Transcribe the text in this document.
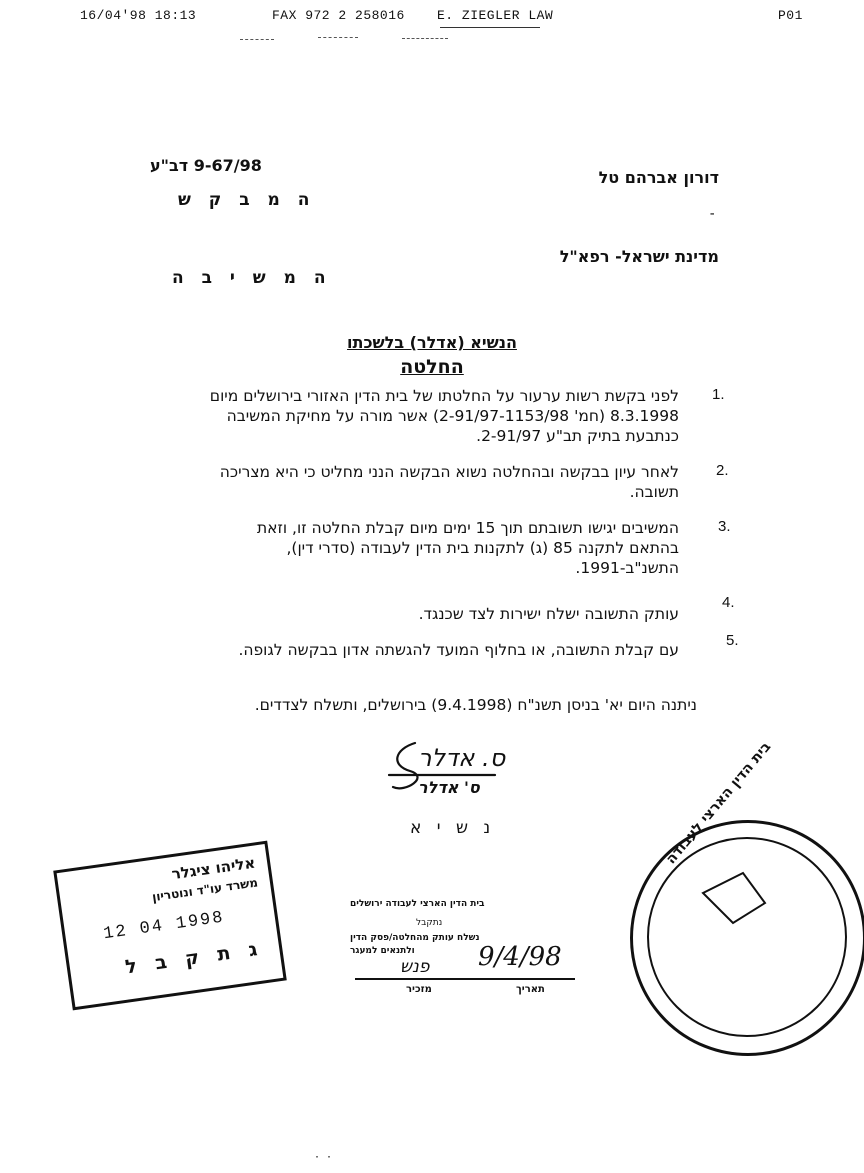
16/04'98 18:13	FAX 972 2 258016 E. ZIEGLER LAW	P01
9-67/98 דב"ע
דורון אברהם טל
ה מ ב ק ש
-
מדינת ישראל- רפא"ל
ה מ ש י ב ה
הנשיא (אדלר) בלשכתו
החלטה
1.
לפני בקשת רשות ערעור על החלטתו של בית הדין האזורי בירושלים מיום 8.3.1998 (חמ' 2-91/97-1153/98) אשר מורה על מחיקת המשיבה כנתבעת בתיק תב"ע 2-91/97.
2.
לאחר עיון בבקשה ובהחלטה נשוא הבקשה הנני מחליט כי היא מצריכה תשובה.
3.
המשיבים יגישו תשובתם תוך 15 ימים מיום קבלת החלטה זו, וזאת בהתאם לתקנה 85 (ג) לתקנות בית הדין לעבודה (סדרי דין), התשנ"ב-1991.
4.
עותק התשובה ישלח ישירות לצד שכנגד.
5.
עם קבלת התשובה, או בחלוף המועד להגשתה אדון בבקשה לגופה.
ניתנה היום יא' בניסן תשנ"ח (9.4.1998) בירושלים, ותשלח לצדדים.
ס. אדלר
ס' אדלר
נ ש י א
אליהו ציגלר
משרד עו"ד ונוטריון
12 04 1998
ג ת ק ב ל
בית הדין הארצי לעבודה ירושלים
נתקבל
נשלח עותק מהחלטה/פסק הדין
ולתנאים למעגר
פנש 9/4/98
מזכיר	תאריך
בית הדין הארצי לעבודה
· ·
